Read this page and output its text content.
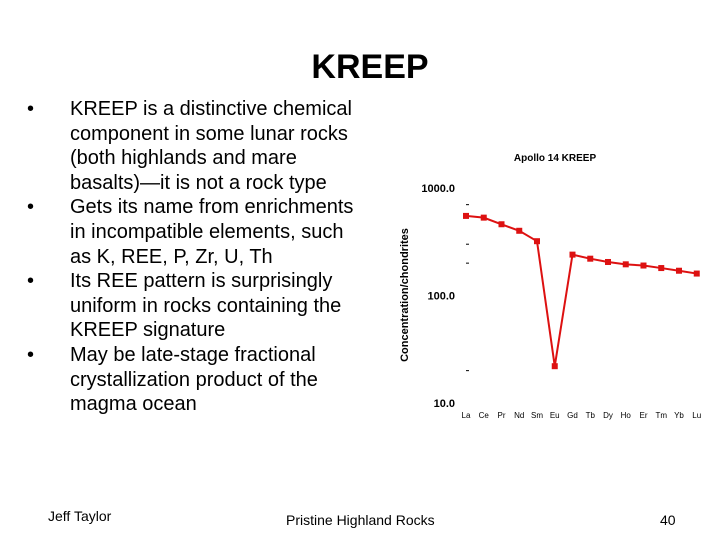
KREEP
• KREEP is a distinctive chemical component in some lunar rocks (both highlands and mare basalts)—it is not a rock type
• Gets its name from enrichments in incompatible elements, such as K, REE, P, Zr, U, Th
• Its REE pattern is surprisingly uniform in rocks containing the KREEP signature
• May be late-stage fractional crystallization product of the magma ocean
Apollo 14 KREEP
Concentration/chondrites
1000.0
100.0
10.0
La Ce Pr Nd Sm Eu Gd Tb Dy Ho Er Tm Yb Lu
Jeff Taylor	Pristine Highland Rocks	40
